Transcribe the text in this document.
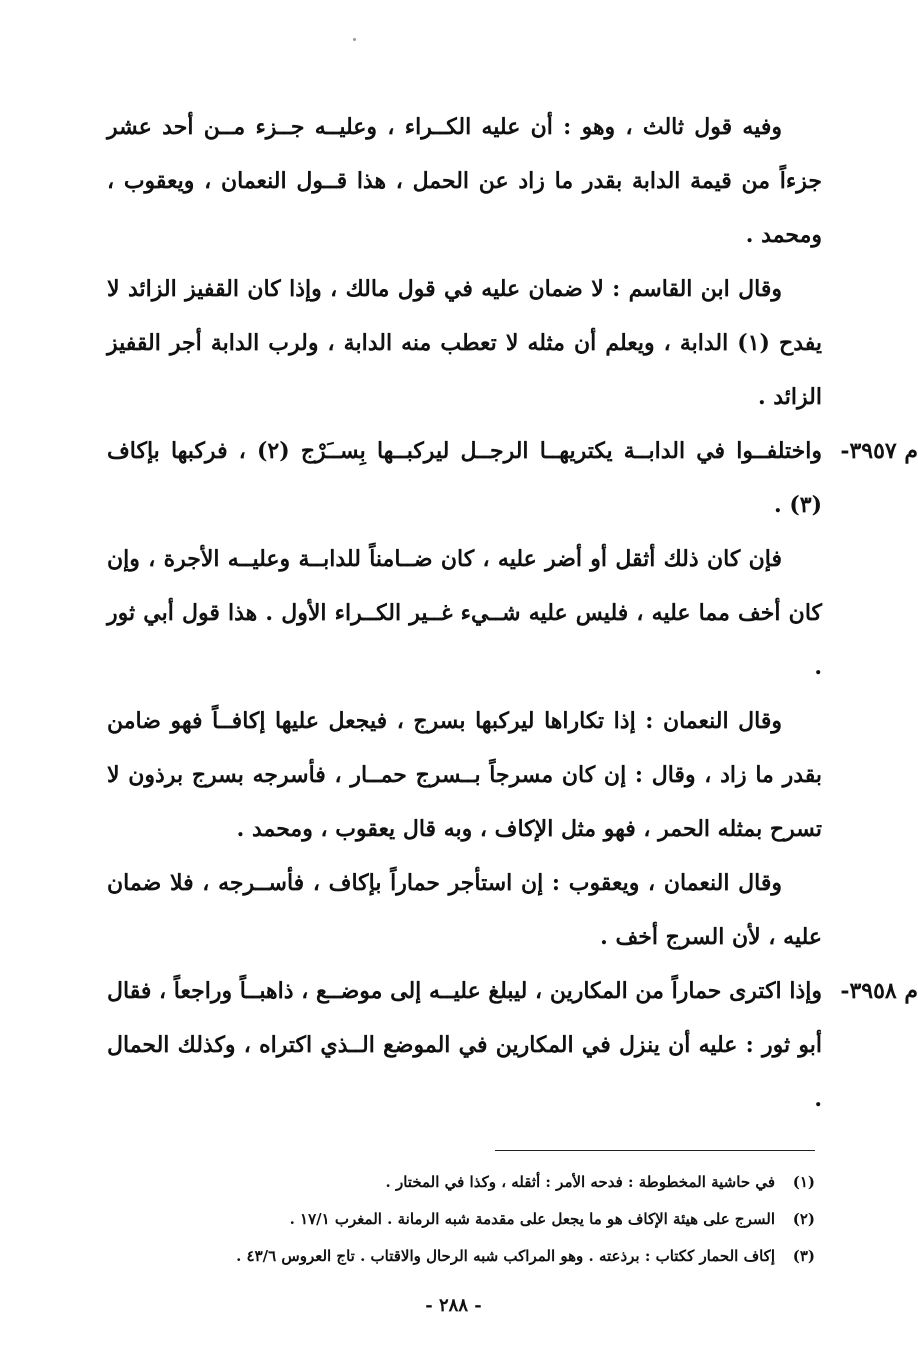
وفيه قول ثالث ، وهو : أن عليه الكــراء ، وعليــه جــزء مــن أحد عشر جزءاً من قيمة الدابة بقدر ما زاد عن الحمل ، هذا قــول النعمان ، ويعقوب ، ومحمد .

وقال ابن القاسم : لا ضمان عليه في قول مالك ، وإذا كان القفيز الزائد لا يفدح (١) الدابة ، ويعلم أن مثله لا تعطب منه الدابة ، ولرب الدابة أجر القفيز الزائد .

م ٣٩٥٧-
واختلفــوا في الدابــة يكتريهــا الرجــل ليركبــها بِســَرْج (٢) ، فركبها بإكاف (٣) .

فإن كان ذلك أثقل أو أضر عليه ، كان ضــامناً للدابــة وعليــه الأجرة ، وإن كان أخف مما عليه ، فليس عليه شــيء غــير الكــراء الأول . هذا قول أبي ثور .

وقال النعمان : إذا تكاراها ليركبها بسرج ، فيجعل عليها إكافــاً فهو ضامن بقدر ما زاد ، وقال : إن كان مسرجاً بــسرج حمــار ، فأسرجه بسرج برذون لا تسرح بمثله الحمر ، فهو مثل الإكاف ، وبه قال يعقوب ، ومحمد .

وقال النعمان ، ويعقوب : إن استأجر حماراً بإكاف ، فأســرجه ، فلا ضمان عليه ، لأن السرج أخف .

م ٣٩٥٨-
وإذا اكترى حماراً من المكارين ، ليبلغ عليــه إلى موضــع ، ذاهبــاً وراجعاً ، فقال أبو ثور : عليه أن ينزل في المكارين في الموضع الــذي اكتراه ، وكذلك الحمال .
(١)
في حاشية المخطوطة : فدحه الأمر : أثقله ، وكذا في المختار .
(٢)
السرج على هيئة الإكاف هو ما يجعل على مقدمة شبه الرمانة . المغرب ١٧/١ .
(٣)
إكاف الحمار ككتاب : برذعته . وهو المراكب شبه الرحال والاقتاب . تاج العروس ٤٣/٦ .
- ٢٨٨ -
